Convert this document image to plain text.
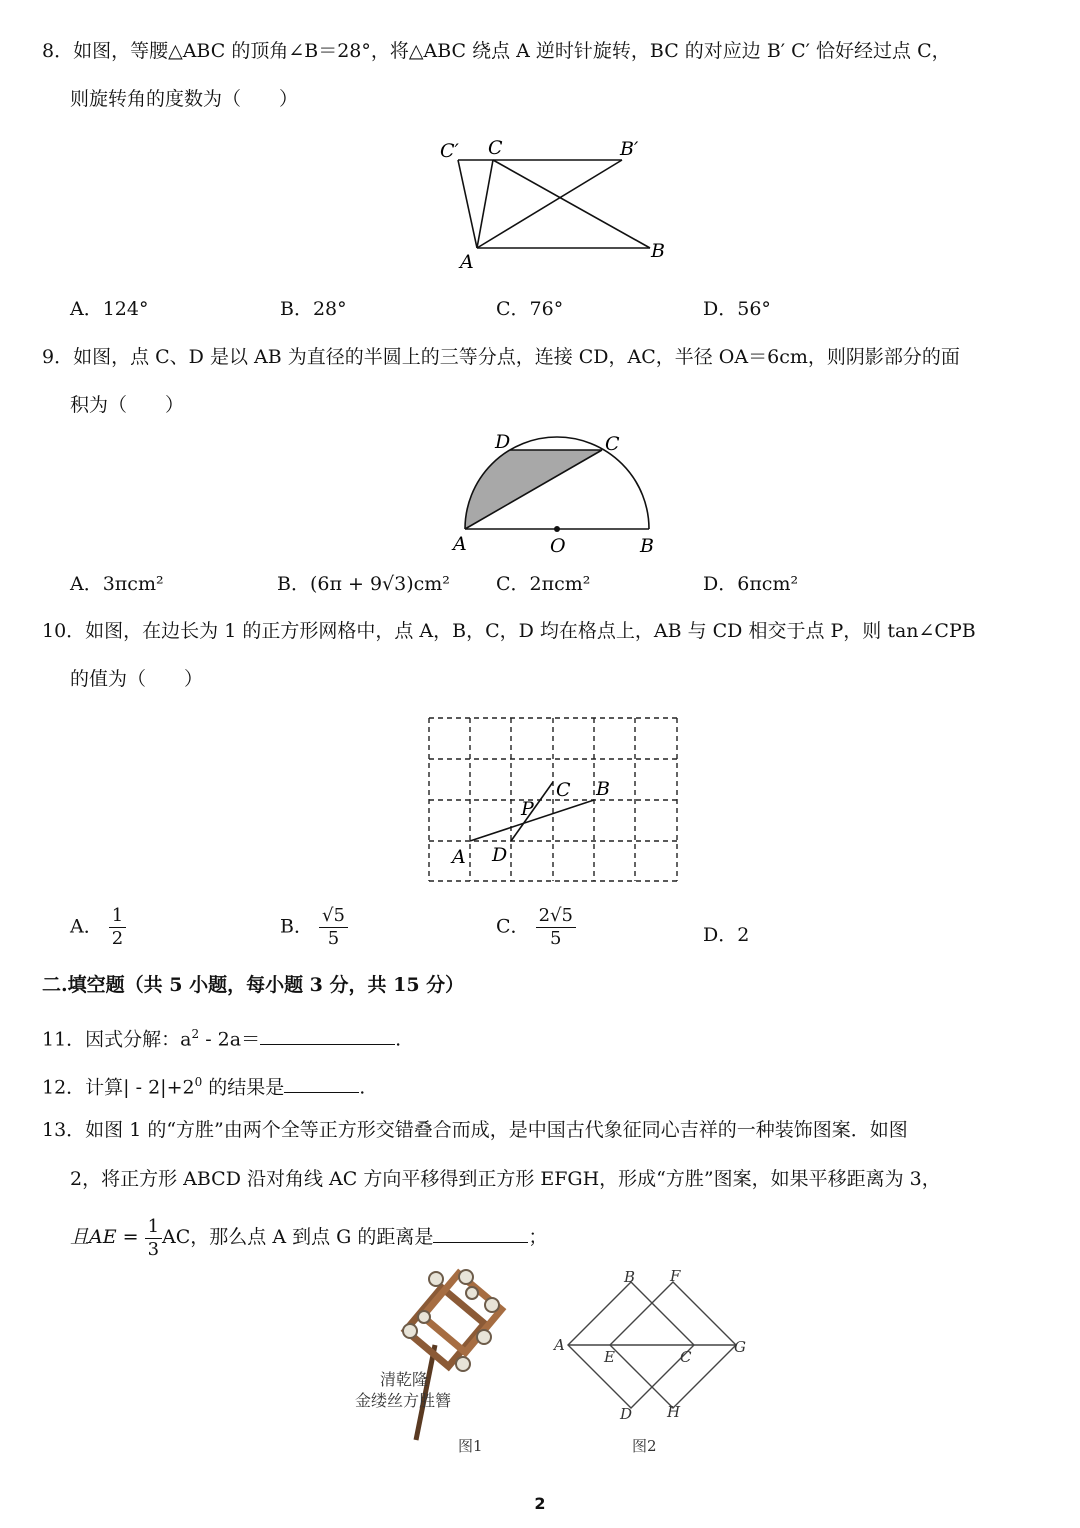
8．如图，等腰△ABC 的顶角∠B＝28°，将△ABC 绕点 A 逆时针旋转，BC 的对应边 B′ C′ 恰好经过点 C，
则旋转角的度数为（　　）
C′ C	B′
A	B
A．124°	B．28°	C．76°	D．56°
9．如图，点 C、D 是以 AB 为直径的半圆上的三等分点，连接 CD，AC，半径 OA＝6cm，则阴影部分的面
积为（　　）
D	C
A	O	B
A．3πcm²	B．(6π + 9√3)cm² C．2πcm²	D．6πcm²
10．如图，在边长为 1 的正方形网格中，点 A，B，C，D 均在格点上，AB 与 CD 相交于点 P，则 tan∠CPB
的值为（　　）
A
B
C
D
P
A． $\frac{1}{2}$	B． $\frac{√5}{5}$	C． $\frac{2√5}{5}$	D．2
二.填空题（共 5 小题，每小题 3 分，共 15 分）
11．因式分解：$a^2 - 2a=$	.
12．计算| - $2|+2^0$ 的结果是	.
13．如图 1 的“方胜”由两个全等正方形交错叠合而成，是中国古代象征同心吉祥的一种装饰图案．如图
2，将正方形 ABCD 沿对角线 AC 方向平移得到正方形 EFGH，形成“方胜”图案，如果平移距离为 3，
且AE = $\frac{1}{3}$ AC，那么点 A 到点 G 的距离是	；
清乾隆
金缕丝方胜簪
图1
B F
A
E	C
G
D H
图2
2
